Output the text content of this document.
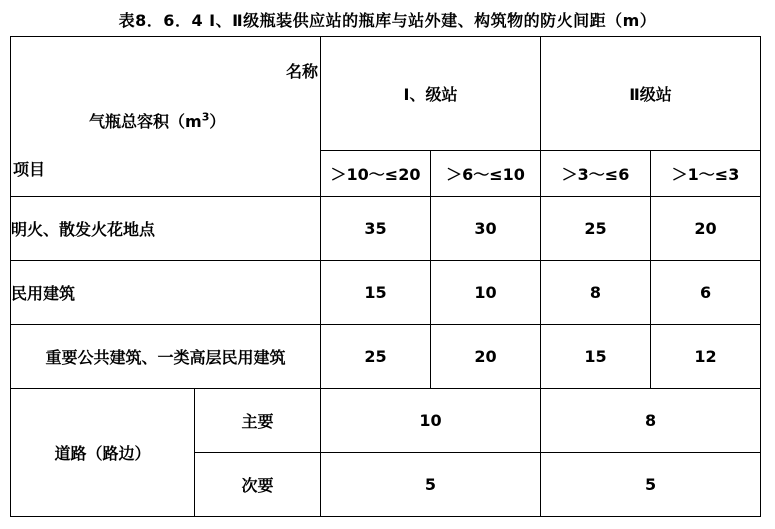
表8．6．4 Ⅰ、Ⅱ级瓶装供应站的瓶库与站外建、构筑物的防火间距（m）
名称
气瓶总容积$(m^3)$
项目		Ⅰ、级站		Ⅱ级站	
		＞10～≤20	＞6～≤10	＞3～≤6	＞1～≤3
明火、散发火花地点		35	30	25	20
民用建筑		15	10	8	6
重要公共建筑、一类高层民用建筑		25	20	15	12
道路（路边）	主要	10		8	
	次要	5		5	
